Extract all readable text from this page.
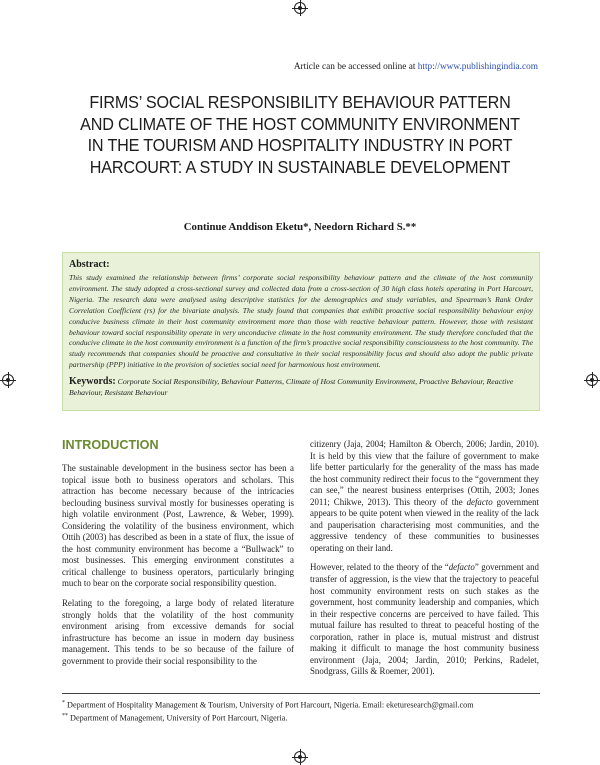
Article can be accessed online at http://www.publishingindia.com
FIRMS’ SOCIAL RESPONSIBILITY BEHAVIOUR PATTERN AND CLIMATE OF THE HOST COMMUNITY ENVIRONMENT IN THE TOURISM AND HOSPITALITY INDUSTRY IN PORT HARCOURT: A STUDY IN SUSTAINABLE DEVELOPMENT
Continue Anddison Eketu*, Needorn Richard S.**
Abstract:
This study examined the relationship between firms’ corporate social responsibility behaviour pattern and the climate of the host community environment. The study adopted a cross-sectional survey and collected data from a cross-section of 30 high class hotels operating in Port Harcourt, Nigeria. The research data were analysed using descriptive statistics for the demographics and study variables, and Spearman’s Rank Order Correlation Coefficient (rs) for the bivariate analysis. The study found that companies that exhibit proactive social responsibility behaviour enjoy conducive business climate in their host community environment more than those with reactive behaviour pattern. However, those with resistant behaviour toward social responsibility operate in very unconducive climate in the host community environment. The study therefore concluded that the conducive climate in the host community environment is a function of the firm’s proactive social responsibility consciousness to the host community. The study recommends that companies should be proactive and consultative in their social responsibility focus and should also adopt the public private partnership (PPP) initiative in the provision of societies social need for harmonious host environment.
Keywords: Corporate Social Responsibility, Behaviour Patterns, Climate of Host Community Environment, Proactive Behaviour, Reactive Behaviour, Resistant Behaviour
INTRODUCTION

The sustainable development in the business sector has been a topical issue both to business operators and scholars. This attraction has become necessary because of the intricacies beclouding business survival mostly for businesses operating is high volatile environment (Post, Lawrence, & Weber, 1999). Considering the volatility of the business environment, which Ottih (2003) has described as been in a state of flux, the issue of the host community environment has become a “Bullwack” to most businesses. This emerging environment constitutes a critical challenge to business operators, particularly bringing much to bear on the corporate social responsibility question.

Relating to the foregoing, a large body of related literature strongly holds that the volatility of the host community environment arising from excessive demands for social infrastructure has become an issue in modern day business management. This tends to be so because of the failure of government to provide their social responsibility to the

citizenry (Jaja, 2004; Hamilton & Oberch, 2006; Jardin, 2010). It is held by this view that the failure of government to make life better particularly for the generality of the mass has made the host community redirect their focus to the “government they can see,” the nearest business enterprises (Ottih, 2003; Jones 2011; Chikwe, 2013). This theory of the defacto government appears to be quite potent when viewed in the reality of the lack and pauperisation characterising most communities, and the aggressive tendency of these communities to businesses operating on their land.

However, related to the theory of the “defacto” government and transfer of aggression, is the view that the trajectory to peaceful host community environment rests on such stakes as the government, host community leadership and companies, which in their respective concerns are perceived to have failed. This mutual failure has resulted to threat to peaceful hosting of the corporation, rather in place is, mutual mistrust and distrust making it difficult to manage the host community business environment (Jaja, 2004; Jardin, 2010; Perkins, Radelet, Snodgrass, Gills & Roemer, 2001).

* Department of Hospitality Management & Tourism, University of Port Harcourt, Nigeria. Email: eketuresearch@gmail.com
** Department of Management, University of Port Harcourt, Nigeria.
